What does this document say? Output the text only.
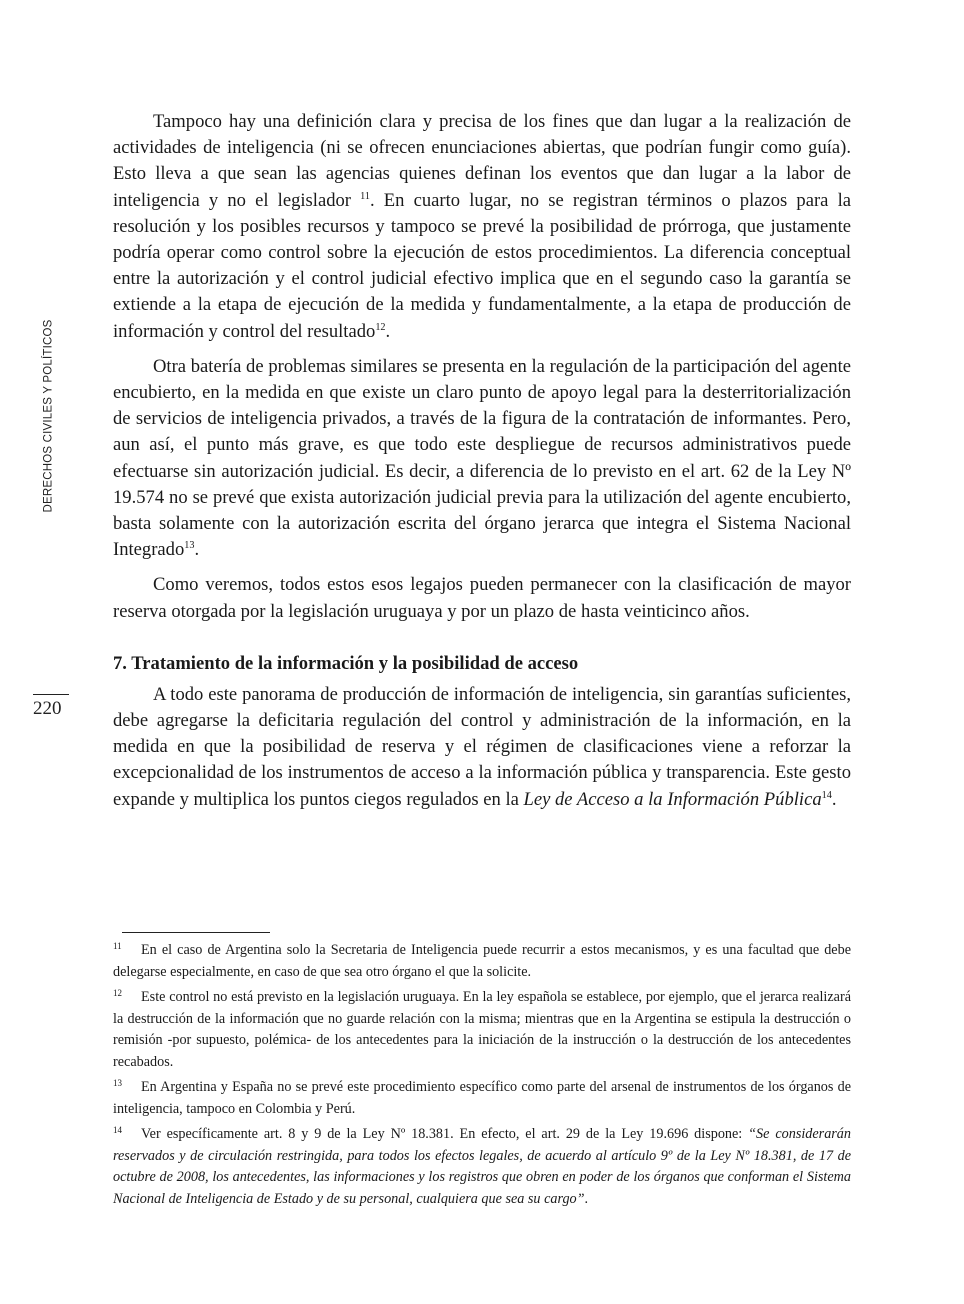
DERECHOS CIVILES Y POLÍTICOS
220

Tampoco hay una definición clara y precisa de los fines que dan lugar a la realización de actividades de inteligencia (ni se ofrecen enunciaciones abiertas, que podrían fungir como guía). Esto lleva a que sean las agencias quienes definan los eventos que dan lugar a la labor de inteligencia y no el legislador $^{11}$. En cuarto lugar, no se registran términos o plazos para la resolución y los posibles recursos y tampoco se prevé la posibilidad de prórroga, que justamente podría operar como control sobre la ejecución de estos procedimientos. La diferencia conceptual entre la autorización y el control judicial efectivo implica que en el segundo caso la garantía se extiende a la etapa de ejecución de la medida y fundamentalmente, a la etapa de producción de información y control del resultado$^{12}$.

Otra batería de problemas similares se presenta en la regulación de la participación del agente encubierto, en la medida en que existe un claro punto de apoyo legal para la desterritorialización de servicios de inteligencia privados, a través de la figura de la contratación de informantes. Pero, aun así, el punto más grave, es que todo este despliegue de recursos administrativos puede efectuarse sin autorización judicial. Es decir, a diferencia de lo previsto en el art. 62 de la Ley Nº 19.574 no se prevé que exista autorización judicial previa para la utilización del agente encubierto, basta solamente con la autorización escrita del órgano jerarca que integra el Sistema Nacional Integrado$^{13}$.

Como veremos, todos estos esos legajos pueden permanecer con la clasificación de mayor reserva otorgada por la legislación uruguaya y por un plazo de hasta veinticinco años.

7. Tratamiento de la información y la posibilidad de acceso

A todo este panorama de producción de información de inteligencia, sin garantías suficientes, debe agregarse la deficitaria regulación del control y administración de la información, en la medida en que la posibilidad de reserva y el régimen de clasificaciones viene a reforzar la excepcionalidad de los instrumentos de acceso a la información pública y transparencia. Este gesto expande y multiplica los puntos ciegos regulados en la Ley de Acceso a la Información Pública$^{14}$.

11 En el caso de Argentina solo la Secretaria de Inteligencia puede recurrir a estos mecanismos, y es una facultad que debe delegarse especialmente, en caso de que sea otro órgano el que la solicite.

12 Este control no está previsto en la legislación uruguaya. En la ley española se establece, por ejemplo, que el jerarca realizará la destrucción de la información que no guarde relación con la misma; mientras que en la Argentina se estipula la destrucción o remisión -por supuesto, polémica- de los antecedentes para la iniciación de la instrucción o la destrucción de los antecedentes recabados.

13 En Argentina y España no se prevé este procedimiento específico como parte del arsenal de instrumentos de los órganos de inteligencia, tampoco en Colombia y Perú.

14 Ver específicamente art. 8 y 9 de la Ley Nº 18.381. En efecto, el art. 29 de la Ley 19.696 dispone: “Se considerarán reservados y de circulación restringida, para todos los efectos legales, de acuerdo al artículo 9º de la Ley Nº 18.381, de 17 de octubre de 2008, los antecedentes, las informaciones y los registros que obren en poder de los órganos que conforman el Sistema Nacional de Inteligencia de Estado y de su personal, cualquiera que sea su cargo”.
